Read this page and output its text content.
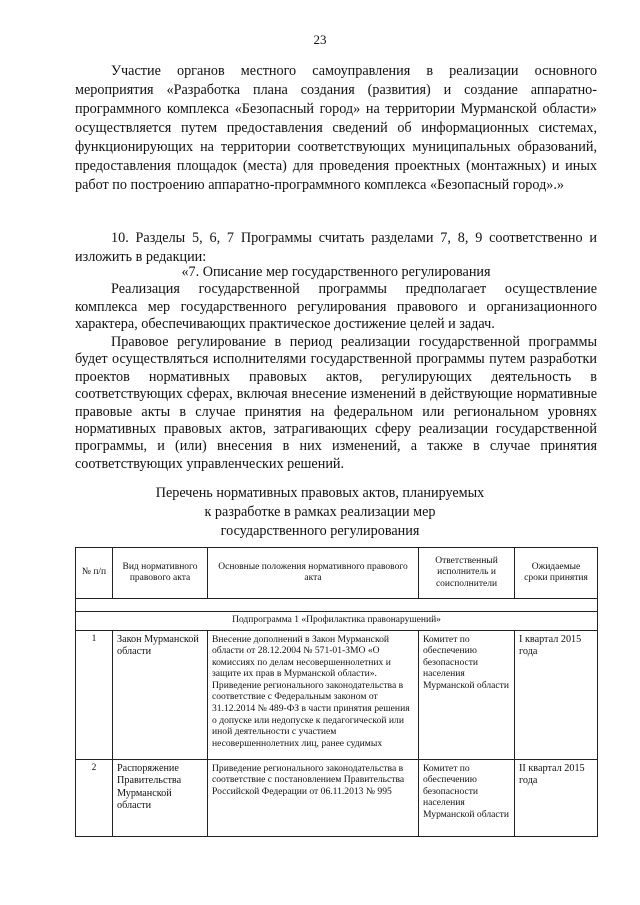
23

Участие органов местного самоуправления в реализации основного мероприятия «Разработка плана создания (развития) и создание аппаратно-программного комплекса «Безопасный город» на территории Мурманской области» осуществляется путем предоставления сведений об информационных системах, функционирующих на территории соответствующих муниципальных образований, предоставления площадок (места) для проведения проектных (монтажных) и иных работ по построению аппаратно-программного комплекса «Безопасный город».»

10. Разделы 5, 6, 7 Программы считать разделами 7, 8, 9 соответственно и изложить в редакции:

«7. Описание мер государственного регулирования

Реализация государственной программы предполагает осуществление комплекса мер государственного регулирования правового и организационного характера, обеспечивающих практическое достижение целей и задач.

Правовое регулирование в период реализации государственной программы будет осуществляться исполнителями государственной программы путем разработки проектов нормативных правовых актов, регулирующих деятельность в соответствующих сферах, включая внесение изменений в действующие нормативные правовые акты в случае принятия на федеральном или региональном уровнях нормативных правовых актов, затрагивающих сферу реализации государственной программы, и (или) внесения в них изменений, а также в случае принятия соответствующих управленческих решений.

Перечень нормативных правовых актов, планируемых
к разработке в рамках реализации мер
государственного регулирования
№ п/п	Вид нормативного правового акта	Основные положения нормативного правового акта	Ответственный исполнитель и соисполнители	Ожидаемые сроки принятия

Подпрограмма 1 «Профилактика правонарушений»				
1	Закон Мурманской области	Внесение дополнений в Закон Мурманской области от 28.12.2004 № 571-01-ЗМО «О комиссиях по делам несовершеннолетних и защите их прав в Мурманской области». Приведение регионального законодательства в соответствие с Федеральным законом от 31.12.2014 № 489-ФЗ в части принятия решения о допуске или недопуске к педагогической или иной деятельности с участием несовершеннолетних лиц, ранее судимых	Комитет по обеспечению безопасности населения Мурманской области	I квартал 2015 года
2	Распоряжение Правительства Мурманской области	Приведение регионального законодательства в соответствие с постановлением Правительства Российской Федерации от 06.11.2013 № 995	Комитет по обеспечению безопасности населения Мурманской области	II квартал 2015 года
